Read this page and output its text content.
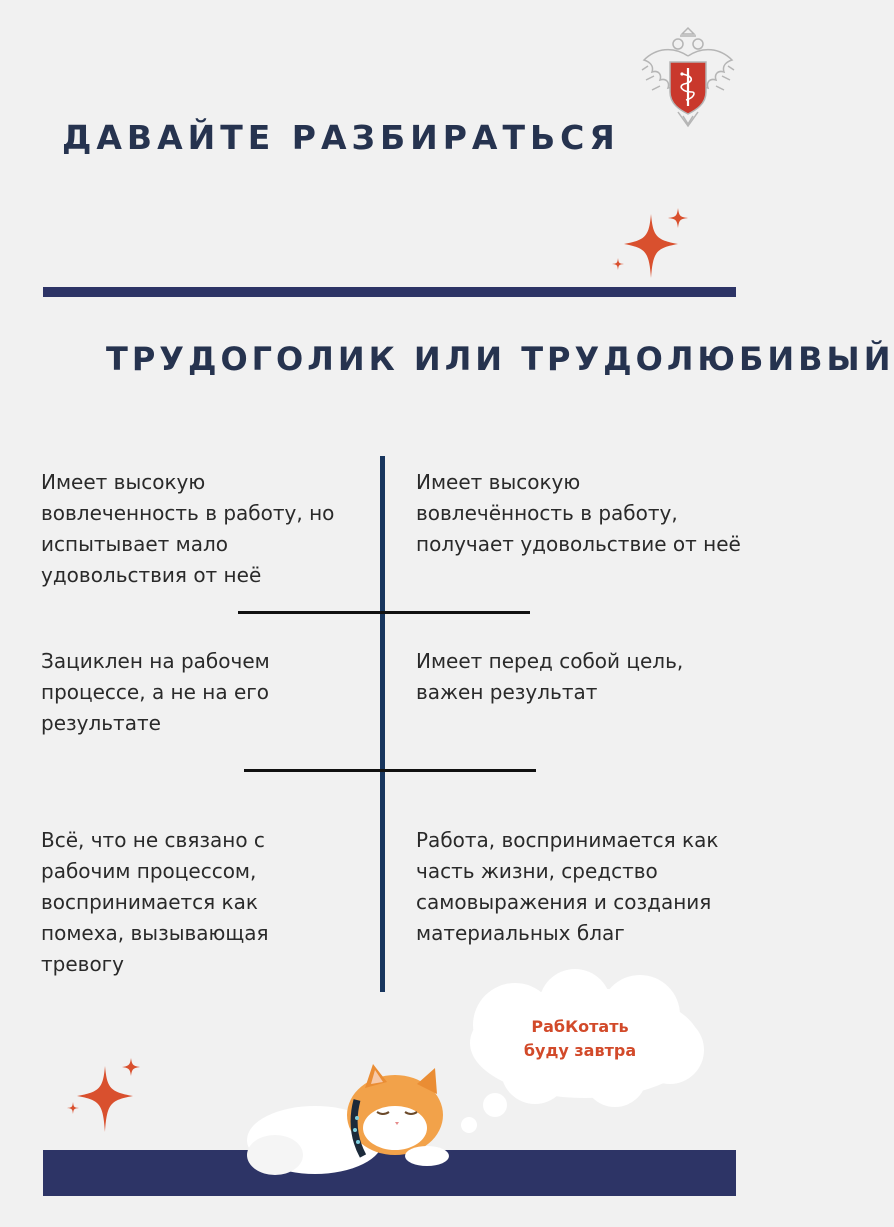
ДАВАЙТЕ РАЗБИРАТЬСЯ
ТРУДОГОЛИК ИЛИ ТРУДОЛЮБИВЫЙ
Имеет высокую
вовлеченность в работу, но
испытывает мало
удовольствия от неё
Имеет высокую
вовлечённость в работу,
получает удовольствие от неё
Зациклен на рабочем
процессе, а не на его
результате
Имеет перед собой цель,
важен результат
Всё, что не связано с
рабочим процессом,
воспринимается как
помеха, вызывающая
тревогу
Работа, воспринимается как
часть жизни, средство
самовыражения и создания
материальных благ
РабКотать
буду завтра
